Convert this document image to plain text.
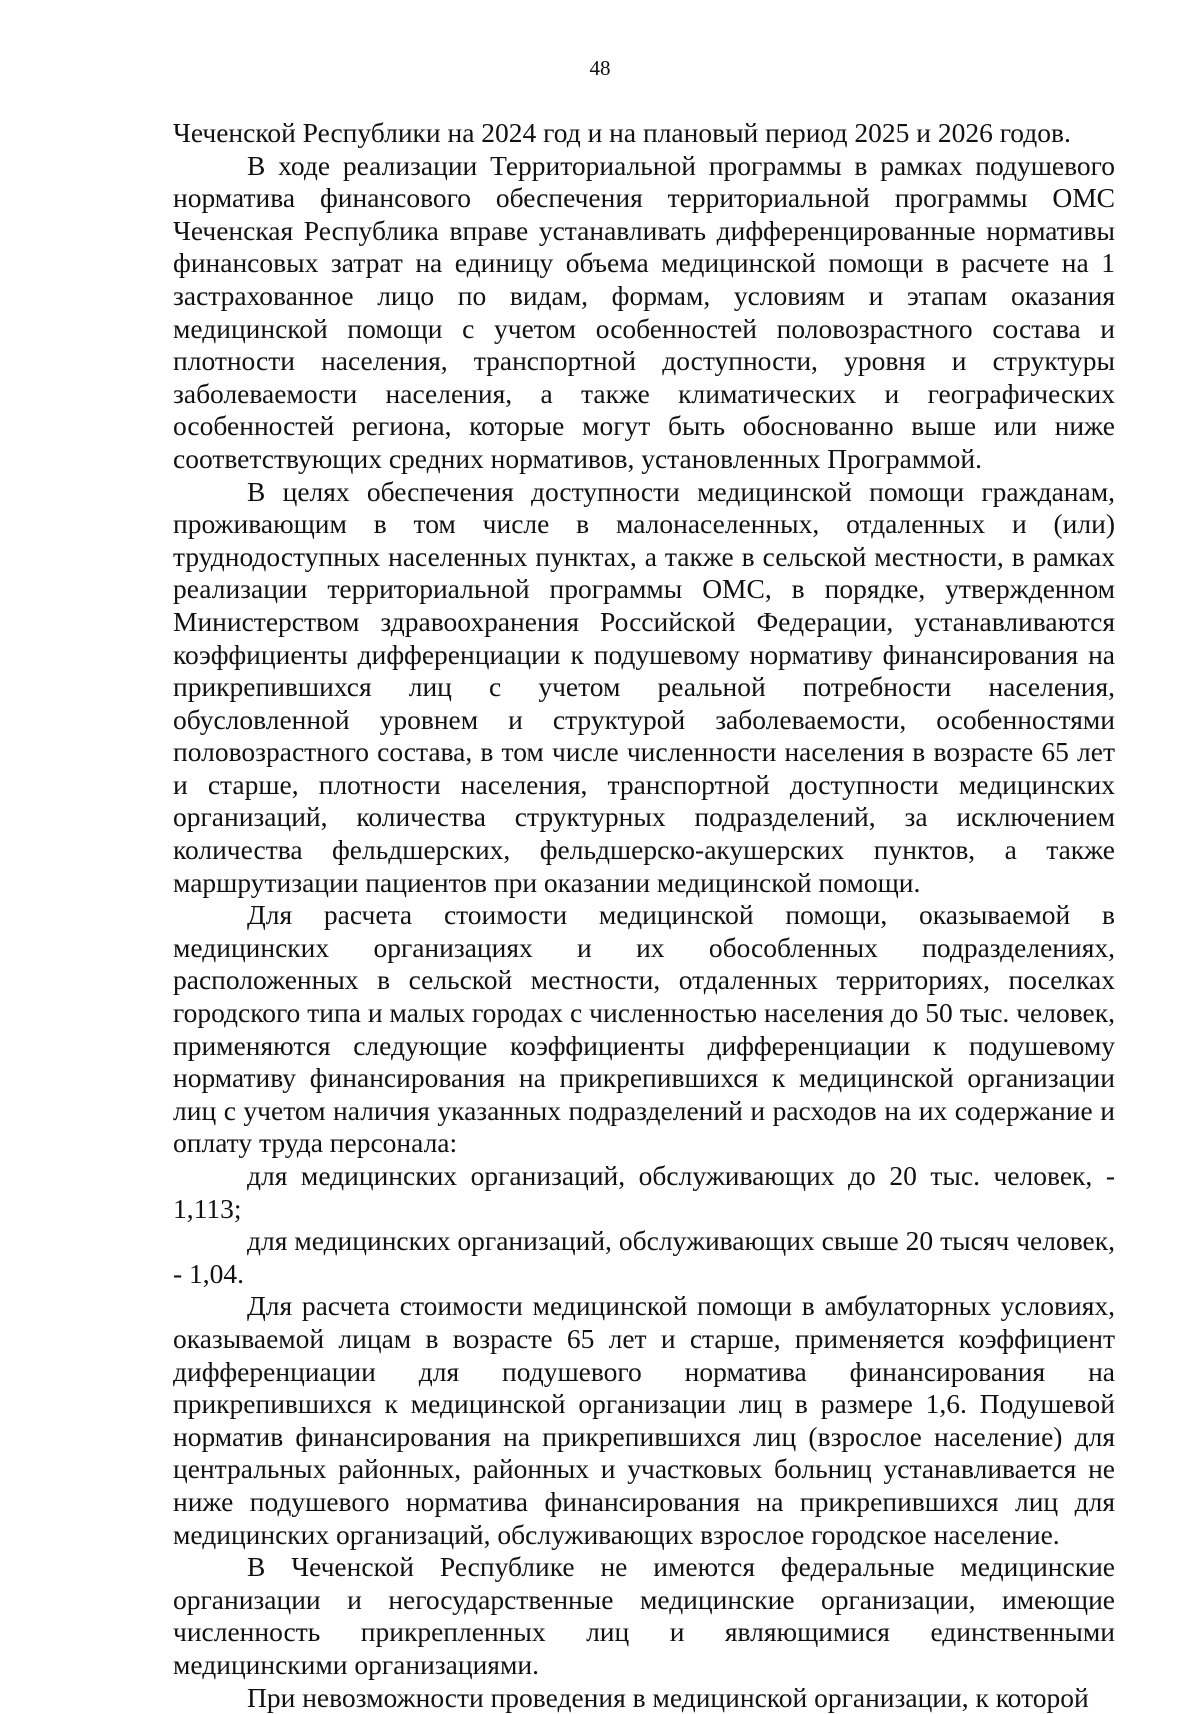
48

Чеченской Республики на 2024 год и на плановый период 2025 и 2026 годов.

В ходе реализации Территориальной программы в рамках подушевого норматива финансового обеспечения территориальной программы ОМС Чеченская Республика вправе устанавливать дифференцированные нормативы финансовых затрат на единицу объема медицинской помощи в расчете на 1 застрахованное лицо по видам, формам, условиям и этапам оказания медицинской помощи с учетом особенностей половозрастного состава и плотности населения, транспортной доступности, уровня и структуры заболеваемости населения, а также климатических и географических особенностей региона, которые могут быть обоснованно выше или ниже соответствующих средних нормативов, установленных Программой.

В целях обеспечения доступности медицинской помощи гражданам, проживающим в том числе в малонаселенных, отдаленных и (или) труднодоступных населенных пунктах, а также в сельской местности, в рамках реализации территориальной программы ОМС, в порядке, утвержденном Министерством здравоохранения Российской Федерации, устанавливаются коэффициенты дифференциации к подушевому нормативу финансирования на прикрепившихся лиц с учетом реальной потребности населения, обусловленной уровнем и структурой заболеваемости, особенностями половозрастного состава, в том числе численности населения в возрасте 65 лет и старше, плотности населения, транспортной доступности медицинских организаций, количества структурных подразделений, за исключением количества фельдшерских, фельдшерско-акушерских пунктов, а также маршрутизации пациентов при оказании медицинской помощи.

Для расчета стоимости медицинской помощи, оказываемой в медицинских организациях и их обособленных подразделениях, расположенных в сельской местности, отдаленных территориях, поселках городского типа и малых городах с численностью населения до 50 тыс. человек, применяются следующие коэффициенты дифференциации к подушевому нормативу финансирования на прикрепившихся к медицинской организации лиц с учетом наличия указанных подразделений и расходов на их содержание и оплату труда персонала:

для медицинских организаций, обслуживающих до 20 тыс. человек, - 1,113;

для медицинских организаций, обслуживающих свыше 20 тысяч человек, - 1,04.

Для расчета стоимости медицинской помощи в амбулаторных условиях, оказываемой лицам в возрасте 65 лет и старше, применяется коэффициент дифференциации для подушевого норматива финансирования на прикрепившихся к медицинской организации лиц в размере 1,6. Подушевой норматив финансирования на прикрепившихся лиц (взрослое население) для центральных районных, районных и участковых больниц устанавливается не ниже подушевого норматива финансирования на прикрепившихся лиц для медицинских организаций, обслуживающих взрослое городское население.

В Чеченской Республике не имеются федеральные медицинские организации и негосударственные медицинские организации, имеющие численность прикрепленных лиц и являющимися единственными медицинскими организациями.

При невозможности проведения в медицинской организации, к которой
